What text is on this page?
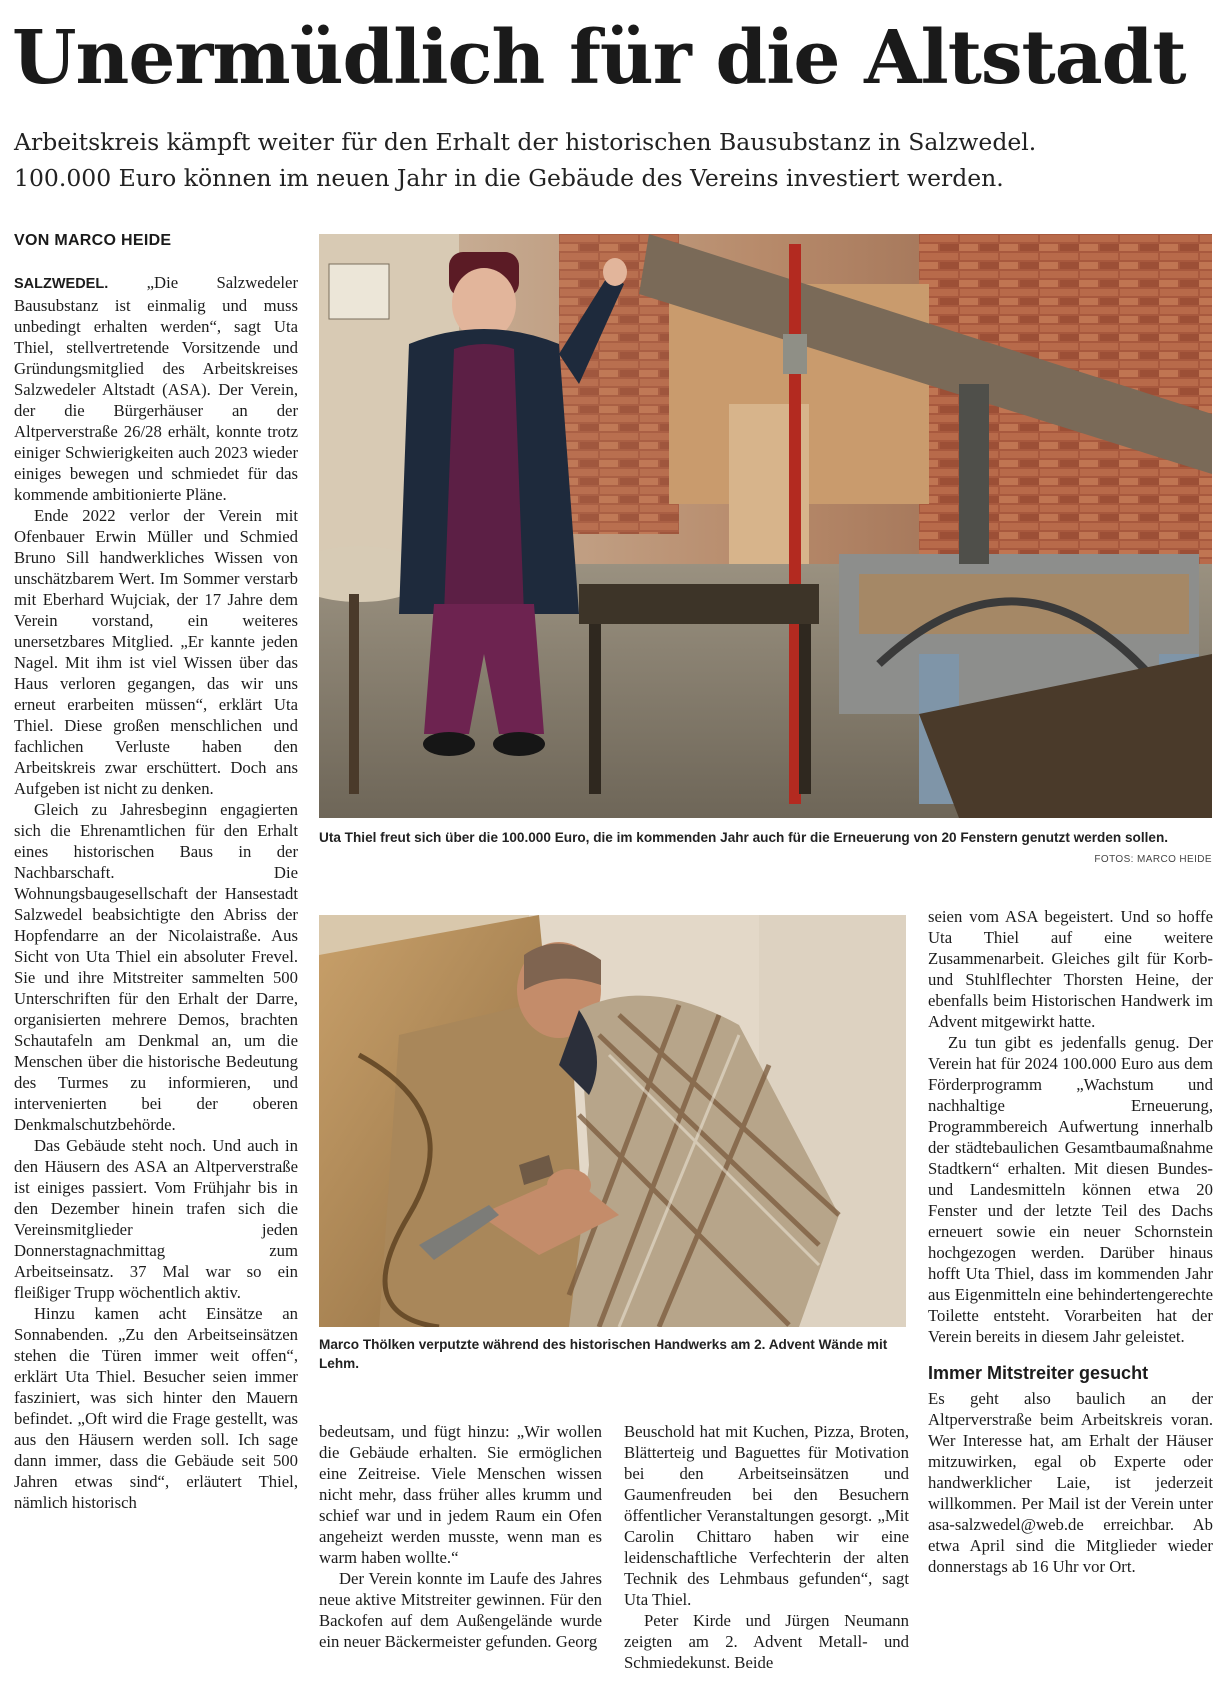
Unermüdlich für die Altstadt
Arbeitskreis kämpft weiter für den Erhalt der historischen Bausubstanz in Salzwedel.
100.000 Euro können im neuen Jahr in die Gebäude des Vereins investiert werden.
VON MARCO HEIDE

SALZWEDEL. „Die Salzwedeler Bausubstanz ist einmalig und muss unbedingt erhalten werden“, sagt Uta Thiel, stellvertretende Vorsitzende und Gründungsmitglied des Arbeitskreises Salzwedeler Altstadt (ASA). Der Verein, der die Bürgerhäuser an der Altperverstraße 26/28 erhält, konnte trotz einiger Schwierigkeiten auch 2023 wieder einiges bewegen und schmiedet für das kommende ambitionierte Pläne.

Ende 2022 verlor der Verein mit Ofenbauer Erwin Müller und Schmied Bruno Sill handwerkliches Wissen von unschätzbarem Wert. Im Sommer verstarb mit Eberhard Wujciak, der 17 Jahre dem Verein vorstand, ein weiteres unersetzbares Mitglied. „Er kannte jeden Nagel. Mit ihm ist viel Wissen über das Haus verloren gegangen, das wir uns erneut erarbeiten müssen“, erklärt Uta Thiel. Diese großen menschlichen und fachlichen Verluste haben den Arbeitskreis zwar erschüttert. Doch ans Aufgeben ist nicht zu denken.

Gleich zu Jahresbeginn engagierten sich die Ehrenamtlichen für den Erhalt eines historischen Baus in der Nachbarschaft. Die Wohnungsbaugesellschaft der Hansestadt Salzwedel beabsichtigte den Abriss der Hopfendarre an der Nicolaistraße. Aus Sicht von Uta Thiel ein absoluter Frevel. Sie und ihre Mitstreiter sammelten 500 Unterschriften für den Erhalt der Darre, organisierten mehrere Demos, brachten Schautafeln am Denkmal an, um die Menschen über die historische Bedeutung des Turmes zu informieren, und intervenierten bei der oberen Denkmalschutzbehörde.

Das Gebäude steht noch. Und auch in den Häusern des ASA an Altperverstraße ist einiges passiert. Vom Frühjahr bis in den Dezember hinein trafen sich die Vereinsmitglieder jeden Donnerstagnachmittag zum Arbeitseinsatz. 37 Mal war so ein fleißiger Trupp wöchentlich aktiv.

Hinzu kamen acht Einsätze an Sonnabenden. „Zu den Arbeitseinsätzen stehen die Türen immer weit offen“, erklärt Uta Thiel. Besucher seien immer fasziniert, was sich hinter den Mauern befindet. „Oft wird die Frage gestellt, was aus den Häusern werden soll. Ich sage dann immer, dass die Gebäude seit 500 Jahren etwas sind“, erläutert Thiel, nämlich historisch

Uta Thiel freut sich über die 100.000 Euro, die im kommenden Jahr auch für die Erneuerung von 20 Fenstern genutzt werden sollen.
FOTOS: MARCO HEIDE
Marco Thölken verputzte während des historischen Handwerks am 2. Advent Wände mit Lehm.

bedeutsam, und fügt hinzu: „Wir wollen die Gebäude erhalten. Sie ermöglichen eine Zeitreise. Viele Menschen wissen nicht mehr, dass früher alles krumm und schief war und in jedem Raum ein Ofen angeheizt werden musste, wenn man es warm haben wollte.“

Der Verein konnte im Laufe des Jahres neue aktive Mitstreiter gewinnen. Für den Backofen auf dem Außengelände wurde ein neuer Bäckermeister gefunden. Georg

Beuschold hat mit Kuchen, Pizza, Broten, Blätterteig und Baguettes für Motivation bei den Arbeitseinsätzen und Gaumenfreuden bei den Besuchern öffentlicher Veranstaltungen gesorgt. „Mit Carolin Chittaro haben wir eine leidenschaftliche Verfechterin der alten Technik des Lehmbaus gefunden“, sagt Uta Thiel.

Peter Kirde und Jürgen Neumann zeigten am 2. Advent Metall- und Schmiedekunst. Beide

seien vom ASA begeistert. Und so hoffe Uta Thiel auf eine weitere Zusammenarbeit. Gleiches gilt für Korb- und Stuhlflechter Thorsten Heine, der ebenfalls beim Historischen Handwerk im Advent mitgewirkt hatte.

Zu tun gibt es jedenfalls genug. Der Verein hat für 2024 100.000 Euro aus dem Förderprogramm „Wachstum und nachhaltige Erneuerung, Programmbereich Aufwertung innerhalb der städtebaulichen Gesamtbaumaßnahme Stadtkern“ erhalten. Mit diesen Bundes- und Landesmitteln können etwa 20 Fenster und der letzte Teil des Dachs erneuert sowie ein neuer Schornstein hochgezogen werden. Darüber hinaus hofft Uta Thiel, dass im kommenden Jahr aus Eigenmitteln eine behindertengerechte Toilette entsteht. Vorarbeiten hat der Verein bereits in diesem Jahr geleistet.

Immer Mitstreiter gesucht

Es geht also baulich an der Altperverstraße beim Arbeitskreis voran. Wer Interesse hat, am Erhalt der Häuser mitzuwirken, egal ob Experte oder handwerklicher Laie, ist jederzeit willkommen. Per Mail ist der Verein unter asa-salzwedel@web.de erreichbar. Ab etwa April sind die Mitglieder wieder donnerstags ab 16 Uhr vor Ort.
